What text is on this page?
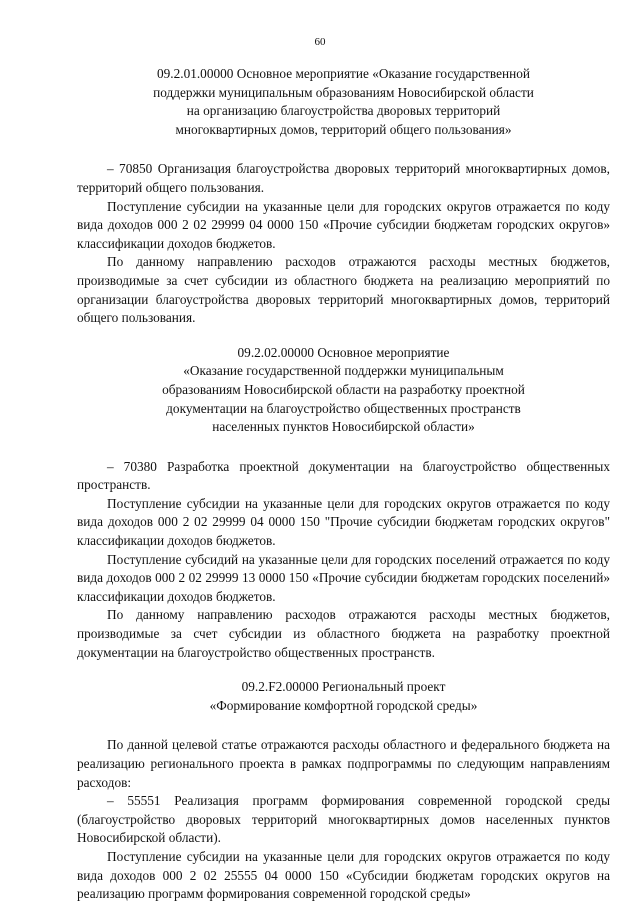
60
09.2.01.00000 Основное мероприятие «Оказание государственной
поддержки муниципальным образованиям Новосибирской области
на организацию благоустройства дворовых территорий
многоквартирных домов, территорий общего пользования»

– 70850 Организация благоустройства дворовых территорий многоквартирных домов, территорий общего пользования.

Поступление субсидии на указанные цели для городских округов отражается по коду вида доходов 000 2 02 29999 04 0000 150 «Прочие субсидии бюджетам городских округов» классификации доходов бюджетов.

По данному направлению расходов отражаются расходы местных бюджетов, производимые за счет субсидии из областного бюджета на реализацию мероприятий по организации благоустройства дворовых территорий многоквартирных домов, территорий общего пользования.

09.2.02.00000 Основное мероприятие
«Оказание государственной поддержки муниципальным
образованиям Новосибирской области на разработку проектной
документации на благоустройство общественных пространств
населенных пунктов Новосибирской области»

– 70380 Разработка проектной документации на благоустройство общественных пространств.

Поступление субсидии на указанные цели для городских округов отражается по коду вида доходов 000 2 02 29999 04 0000 150 "Прочие субсидии бюджетам городских округов" классификации доходов бюджетов.

Поступление субсидий на указанные цели для городских поселений отражается по коду вида доходов 000 2 02 29999 13 0000 150 «Прочие субсидии бюджетам городских поселений» классификации доходов бюджетов.

По данному направлению расходов отражаются расходы местных бюджетов, производимые за счет субсидии из областного бюджета на разработку проектной документации на благоустройство общественных пространств.

09.2.F2.00000 Региональный проект
«Формирование комфортной городской среды»

По данной целевой статье отражаются расходы областного и федерального бюджета на реализацию регионального проекта в рамках подпрограммы по следующим направлениям расходов:

– 55551 Реализация программ формирования современной городской среды (благоустройство дворовых территорий многоквартирных домов населенных пунктов Новосибирской области).

Поступление субсидии на указанные цели для городских округов отражается по коду вида доходов 000 2 02 25555 04 0000 150 «Субсидии бюджетам городских округов на реализацию программ формирования современной городской среды»
